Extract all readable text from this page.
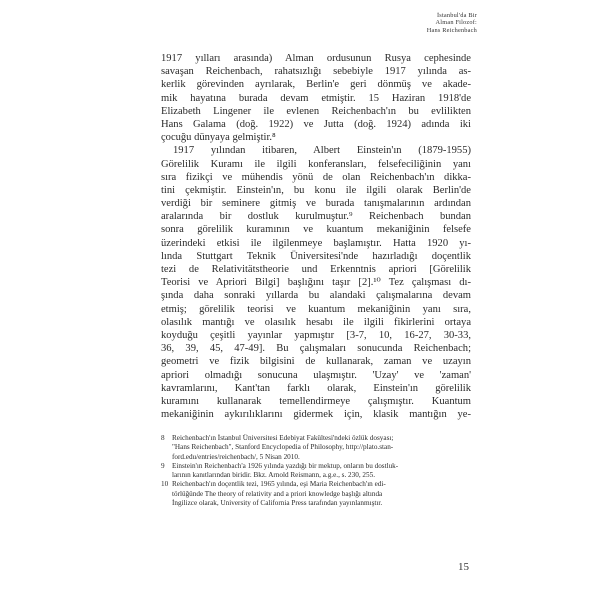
İstanbul'da Bir
Alman Filozof:
Hans Reichenbach
1917 yılları arasında) Alman ordusunun Rusya cephesinde
savaşan Reichenbach, rahatsızlığı sebebiyle 1917 yılında as-
kerlik görevinden ayrılarak, Berlin'e geri dönmüş ve akade-
mik hayatına burada devam etmiştir. 15 Haziran 1918'de
Elizabeth Lingener ile evlenen Reichenbach'ın bu evlilikten
Hans Galama (doğ. 1922) ve Jutta (doğ. 1924) adında iki
çocuğu dünyaya gelmiştir.⁸
1917 yılından itibaren, Albert Einstein'ın (1879-1955)
Görelilik Kuramı ile ilgili konferansları, felsefeciliğinin yanı
sıra fizikçi ve mühendis yönü de olan Reichenbach'ın dikka-
tini çekmiştir. Einstein'ın, bu konu ile ilgili olarak Berlin'de
verdiği bir seminere gitmiş ve burada tanışmalarının ardından
aralarında bir dostluk kurulmuştur.⁹ Reichenbach bundan
sonra görelilik kuramının ve kuantum mekaniğinin felsefe
üzerindeki etkisi ile ilgilenmeye başlamıştır. Hatta 1920 yı-
lında Stuttgart Teknik Üniversitesi'nde hazırladığı doçentlik
tezi de Relativitätstheorie und Erkenntnis apriori [Görelilik
Teorisi ve Apriori Bilgi] başlığını taşır [2].¹⁰ Tez çalışması dı-
şında daha sonraki yıllarda bu alandaki çalışmalarına devam
etmiş; görelilik teorisi ve kuantum mekaniğinin yanı sıra,
olasılık mantığı ve olasılık hesabı ile ilgili fikirlerini ortaya
koyduğu çeşitli yayınlar yapmıştır [3-7, 10, 16-27, 30-33,
36, 39, 45, 47-49]. Bu çalışmaları sonucunda Reichenbach;
geometri ve fizik bilgisini de kullanarak, zaman ve uzayın
apriori olmadığı sonucuna ulaşmıştır. 'Uzay' ve 'zaman'
kavramlarını, Kant'tan farklı olarak, Einstein'ın görelilik
kuramını kullanarak temellendirmeye çalışmıştır. Kuantum
mekaniğinin aykırılıklarını gidermek için, klasik mantığın ye-
8	Reichenbach'ın İstanbul Üniversitesi Edebiyat Fakültesi'ndeki özlük dosyası;
"Hans Reichenbach", Stanford Encyclopedia of Philosophy, http://plato.stan-
ford.edu/entries/reichenbach/, 5 Nisan 2010.
9	Einstein'ın Reichenbach'a 1926 yılında yazdığı bir mektup, onların bu dostluk-
larının kanıtlarından biridir. Bkz. Arnold Reismann, a.g.e., s. 230, 255.
10 Reichenbach'ın doçentlik tezi, 1965 yılında, eşi Maria Reichenbach'ın edi-
törlüğünde The theory of relativity and a priori knowledge başlığı altında
İngilizce olarak, University of California Press tarafından yayınlanmıştır.
15
